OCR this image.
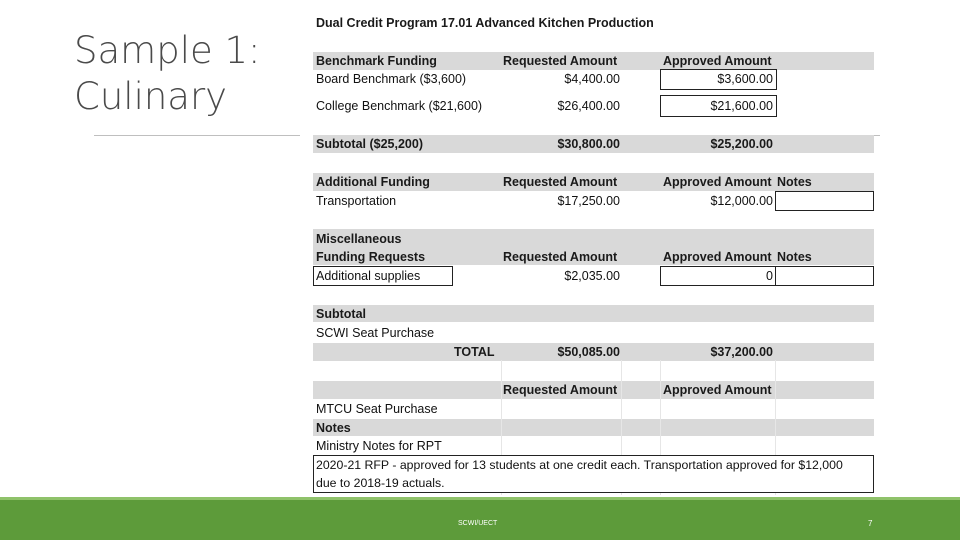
Sample 1:
Culinary
Dual Credit Program 17.01 Advanced Kitchen Production
Benchmark Funding	Requested Amount	Approved Amount
Board Benchmark ($3,600)	$4,400.00	$3,600.00
College Benchmark ($21,600)	$26,400.00	$21,600.00
Subtotal ($25,200)	$30,800.00	$25,200.00
Additional Funding	Requested Amount	Approved Amount Notes
Transportation	$17,250.00	$12,000.00
Miscellaneous
Funding Requests	Requested Amount	Approved Amount Notes
Additional supplies	$2,035.00	0
Subtotal
SCWI Seat Purchase
TOTAL	$50,085.00	$37,200.00
Requested Amount	Approved Amount
MTCU Seat Purchase
Notes
Ministry Notes for RPT
2020-21 RFP - approved for 13 students at one credit each. Transportation approved for $12,000
due to 2018-19 actuals.
SCWI/UECT	7
